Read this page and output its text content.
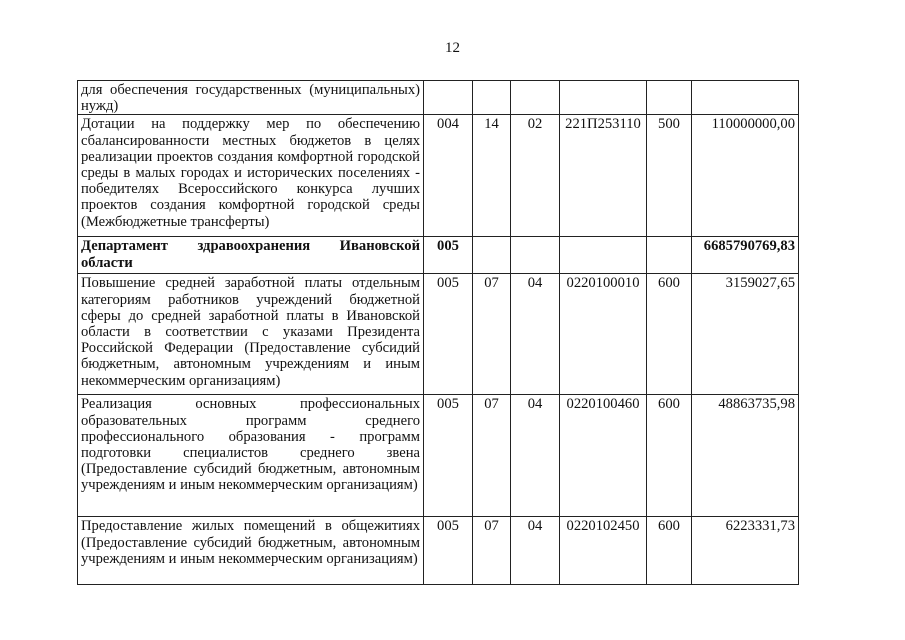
12
для обеспечения государственных (муниципальных) нужд)						
Дотации на поддержку мер по обеспечению сбалансированности местных бюджетов в целях реализации проектов создания комфортной городской среды в малых городах и исторических поселениях - победителях Всероссийского конкурса лучших проектов создания комфортной городской среды (Межбюджетные трансферты)	004	14	02	221П253110	500	110000000,00
Департамент здравоохранения Ивановской области	005					6685790769,83
Повышение средней заработной платы отдельным категориям работников учреждений бюджетной сферы до средней заработной платы в Ивановской области в соответствии с указами Президента Российской Федерации (Предоставление субсидий бюджетным, автономным учреждениям и иным некоммерческим организациям)	005	07	04	0220100010	600	3159027,65
Реализация основных профессиональных образовательных программ среднего профессионального образования - программ подготовки специалистов среднего звена (Предоставление субсидий бюджетным, автономным учреждениям и иным некоммерческим организациям)	005	07	04	0220100460	600	48863735,98
Предоставление жилых помещений в общежитиях (Предоставление субсидий бюджетным, автономным учреждениям и иным некоммерческим организациям)	005	07	04	0220102450	600	6223331,73
